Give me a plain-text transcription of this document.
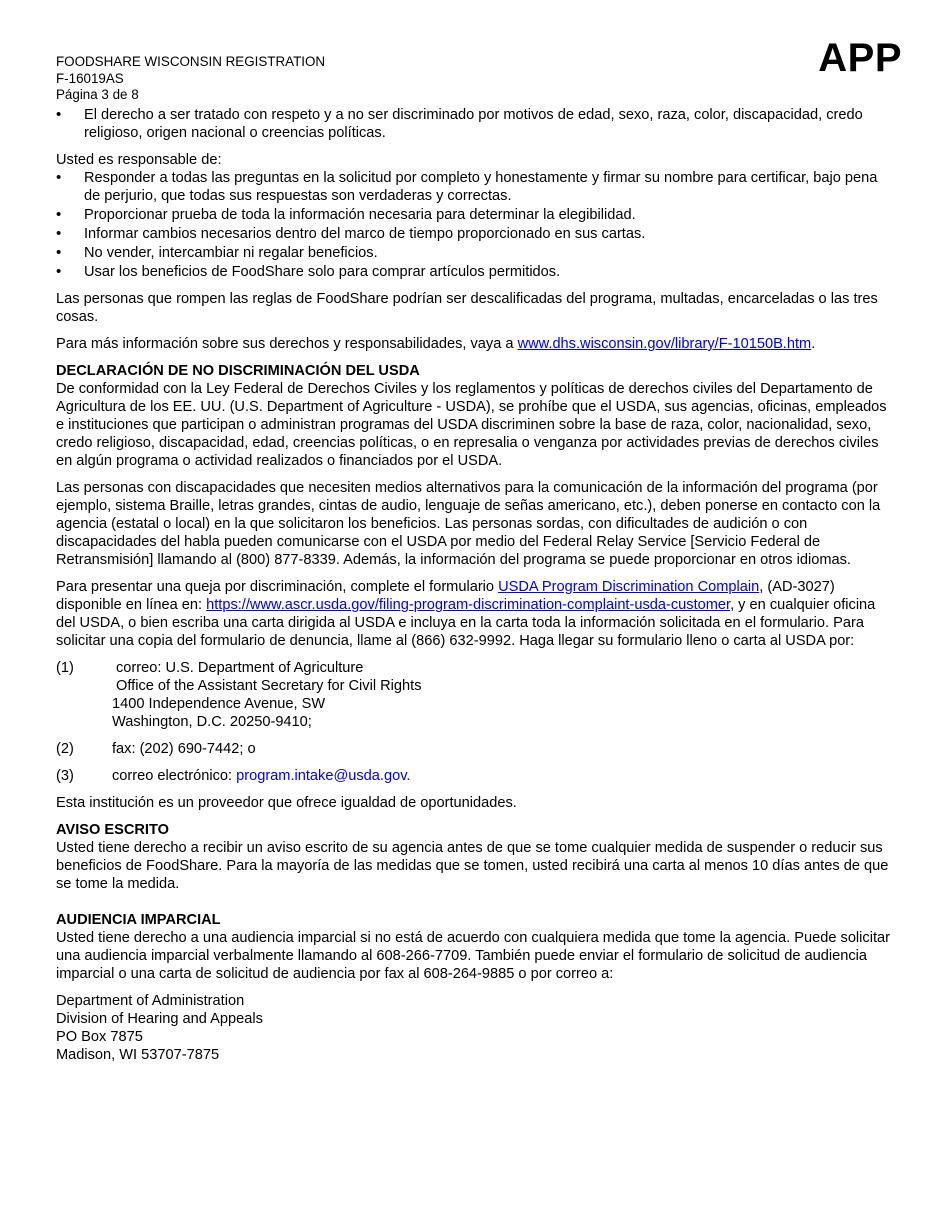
FOODSHARE WISCONSIN REGISTRATION
F-16019AS
Página 3 de 8
APP
• El derecho a ser tratado con respeto y a no ser discriminado por motivos de edad, sexo, raza, color, discapacidad, credo religioso, origen nacional o creencias políticas.

Usted es responsable de:

• Responder a todas las preguntas en la solicitud por completo y honestamente y firmar su nombre para certificar, bajo pena de perjurio, que todas sus respuestas son verdaderas y correctas.
• Proporcionar prueba de toda la información necesaria para determinar la elegibilidad.
• Informar cambios necesarios dentro del marco de tiempo proporcionado en sus cartas.
• No vender, intercambiar ni regalar beneficios.
• Usar los beneficios de FoodShare solo para comprar artículos permitidos.

Las personas que rompen las reglas de FoodShare podrían ser descalificadas del programa, multadas, encarceladas o las tres cosas.

Para más información sobre sus derechos y responsabilidades, vaya a www.dhs.wisconsin.gov/library/F-10150B.htm.

DECLARACIÓN DE NO DISCRIMINACIÓN DEL USDA

De conformidad con la Ley Federal de Derechos Civiles y los reglamentos y políticas de derechos civiles del Departamento de Agricultura de los EE. UU. (U.S. Department of Agriculture - USDA), se prohíbe que el USDA, sus agencias, oficinas, empleados e instituciones que participan o administran programas del USDA discriminen sobre la base de raza, color, nacionalidad, sexo, credo religioso, discapacidad, edad, creencias políticas, o en represalia o venganza por actividades previas de derechos civiles en algún programa o actividad realizados o financiados por el USDA.

Las personas con discapacidades que necesiten medios alternativos para la comunicación de la información del programa (por ejemplo, sistema Braille, letras grandes, cintas de audio, lenguaje de señas americano, etc.), deben ponerse en contacto con la agencia (estatal o local) en la que solicitaron los beneficios. Las personas sordas, con dificultades de audición o con discapacidades del habla pueden comunicarse con el USDA por medio del Federal Relay Service [Servicio Federal de Retransmisión] llamando al (800) 877-8339. Además, la información del programa se puede proporcionar en otros idiomas.

Para presentar una queja por discriminación, complete el formulario USDA Program Discrimination Complain, (AD-3027) disponible en línea en: https://www.ascr.usda.gov/filing-program-discrimination-complaint-usda-customer, y en cualquier oficina del USDA, o bien escriba una carta dirigida al USDA e incluya en la carta toda la información solicitada en el formulario. Para solicitar una copia del formulario de denuncia, llame al (866) 632-9992. Haga llegar su formulario lleno o carta al USDA por:

(1)	correo: U.S. Department of Agriculture
Office of the Assistant Secretary for Civil Rights
1400 Independence Avenue, SW
Washington, D.C. 20250-9410;
(2)	fax: (202) 690-7442; o
(3)	correo electrónico: program.intake@usda.gov.

Esta institución es un proveedor que ofrece igualdad de oportunidades.

AVISO ESCRITO

Usted tiene derecho a recibir un aviso escrito de su agencia antes de que se tome cualquier medida de suspender o reducir sus beneficios de FoodShare. Para la mayoría de las medidas que se tomen, usted recibirá una carta al menos 10 días antes de que se tome la medida.

AUDIENCIA IMPARCIAL

Usted tiene derecho a una audiencia imparcial si no está de acuerdo con cualquiera medida que tome la agencia. Puede solicitar una audiencia imparcial verbalmente llamando al 608-266-7709. También puede enviar el formulario de solicitud de audiencia imparcial o una carta de solicitud de audiencia por fax al 608-264-9885 o por correo a:

Department of Administration
Division of Hearing and Appeals
PO Box 7875
Madison, WI 53707-7875
